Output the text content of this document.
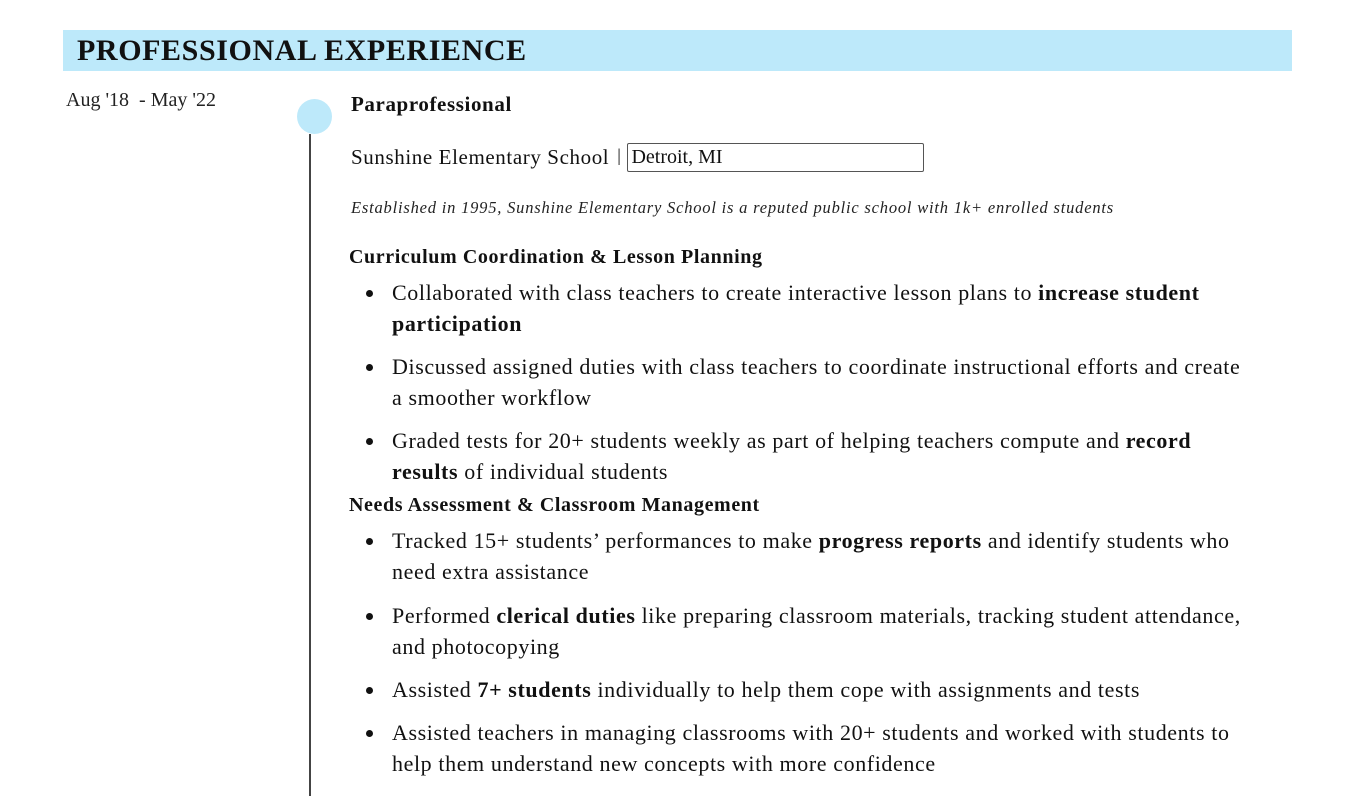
PROFESSIONAL EXPERIENCE
Aug '18  - May '22	Paraprofessional
Sunshine Elementary School |
Detroit, MI
Established in 1995, Sunshine Elementary School is a reputed public school with 1k+ enrolled students
Curriculum Coordination & Lesson Planning
Collaborated with class teachers to create interactive lesson plans to increase student participation
Discussed assigned duties with class teachers to coordinate instructional efforts and create a smoother workflow
Graded tests for 20+ students weekly as part of helping teachers compute and record results of individual students
Needs Assessment & Classroom Management
Tracked 15+ students’ performances to make progress reports and identify students who need extra assistance
Performed clerical duties like preparing classroom materials, tracking student attendance, and photocopying
Assisted 7+ students individually to help them cope with assignments and tests
Assisted teachers in managing classrooms with 20+ students and worked with students to help them understand new concepts with more confidence
